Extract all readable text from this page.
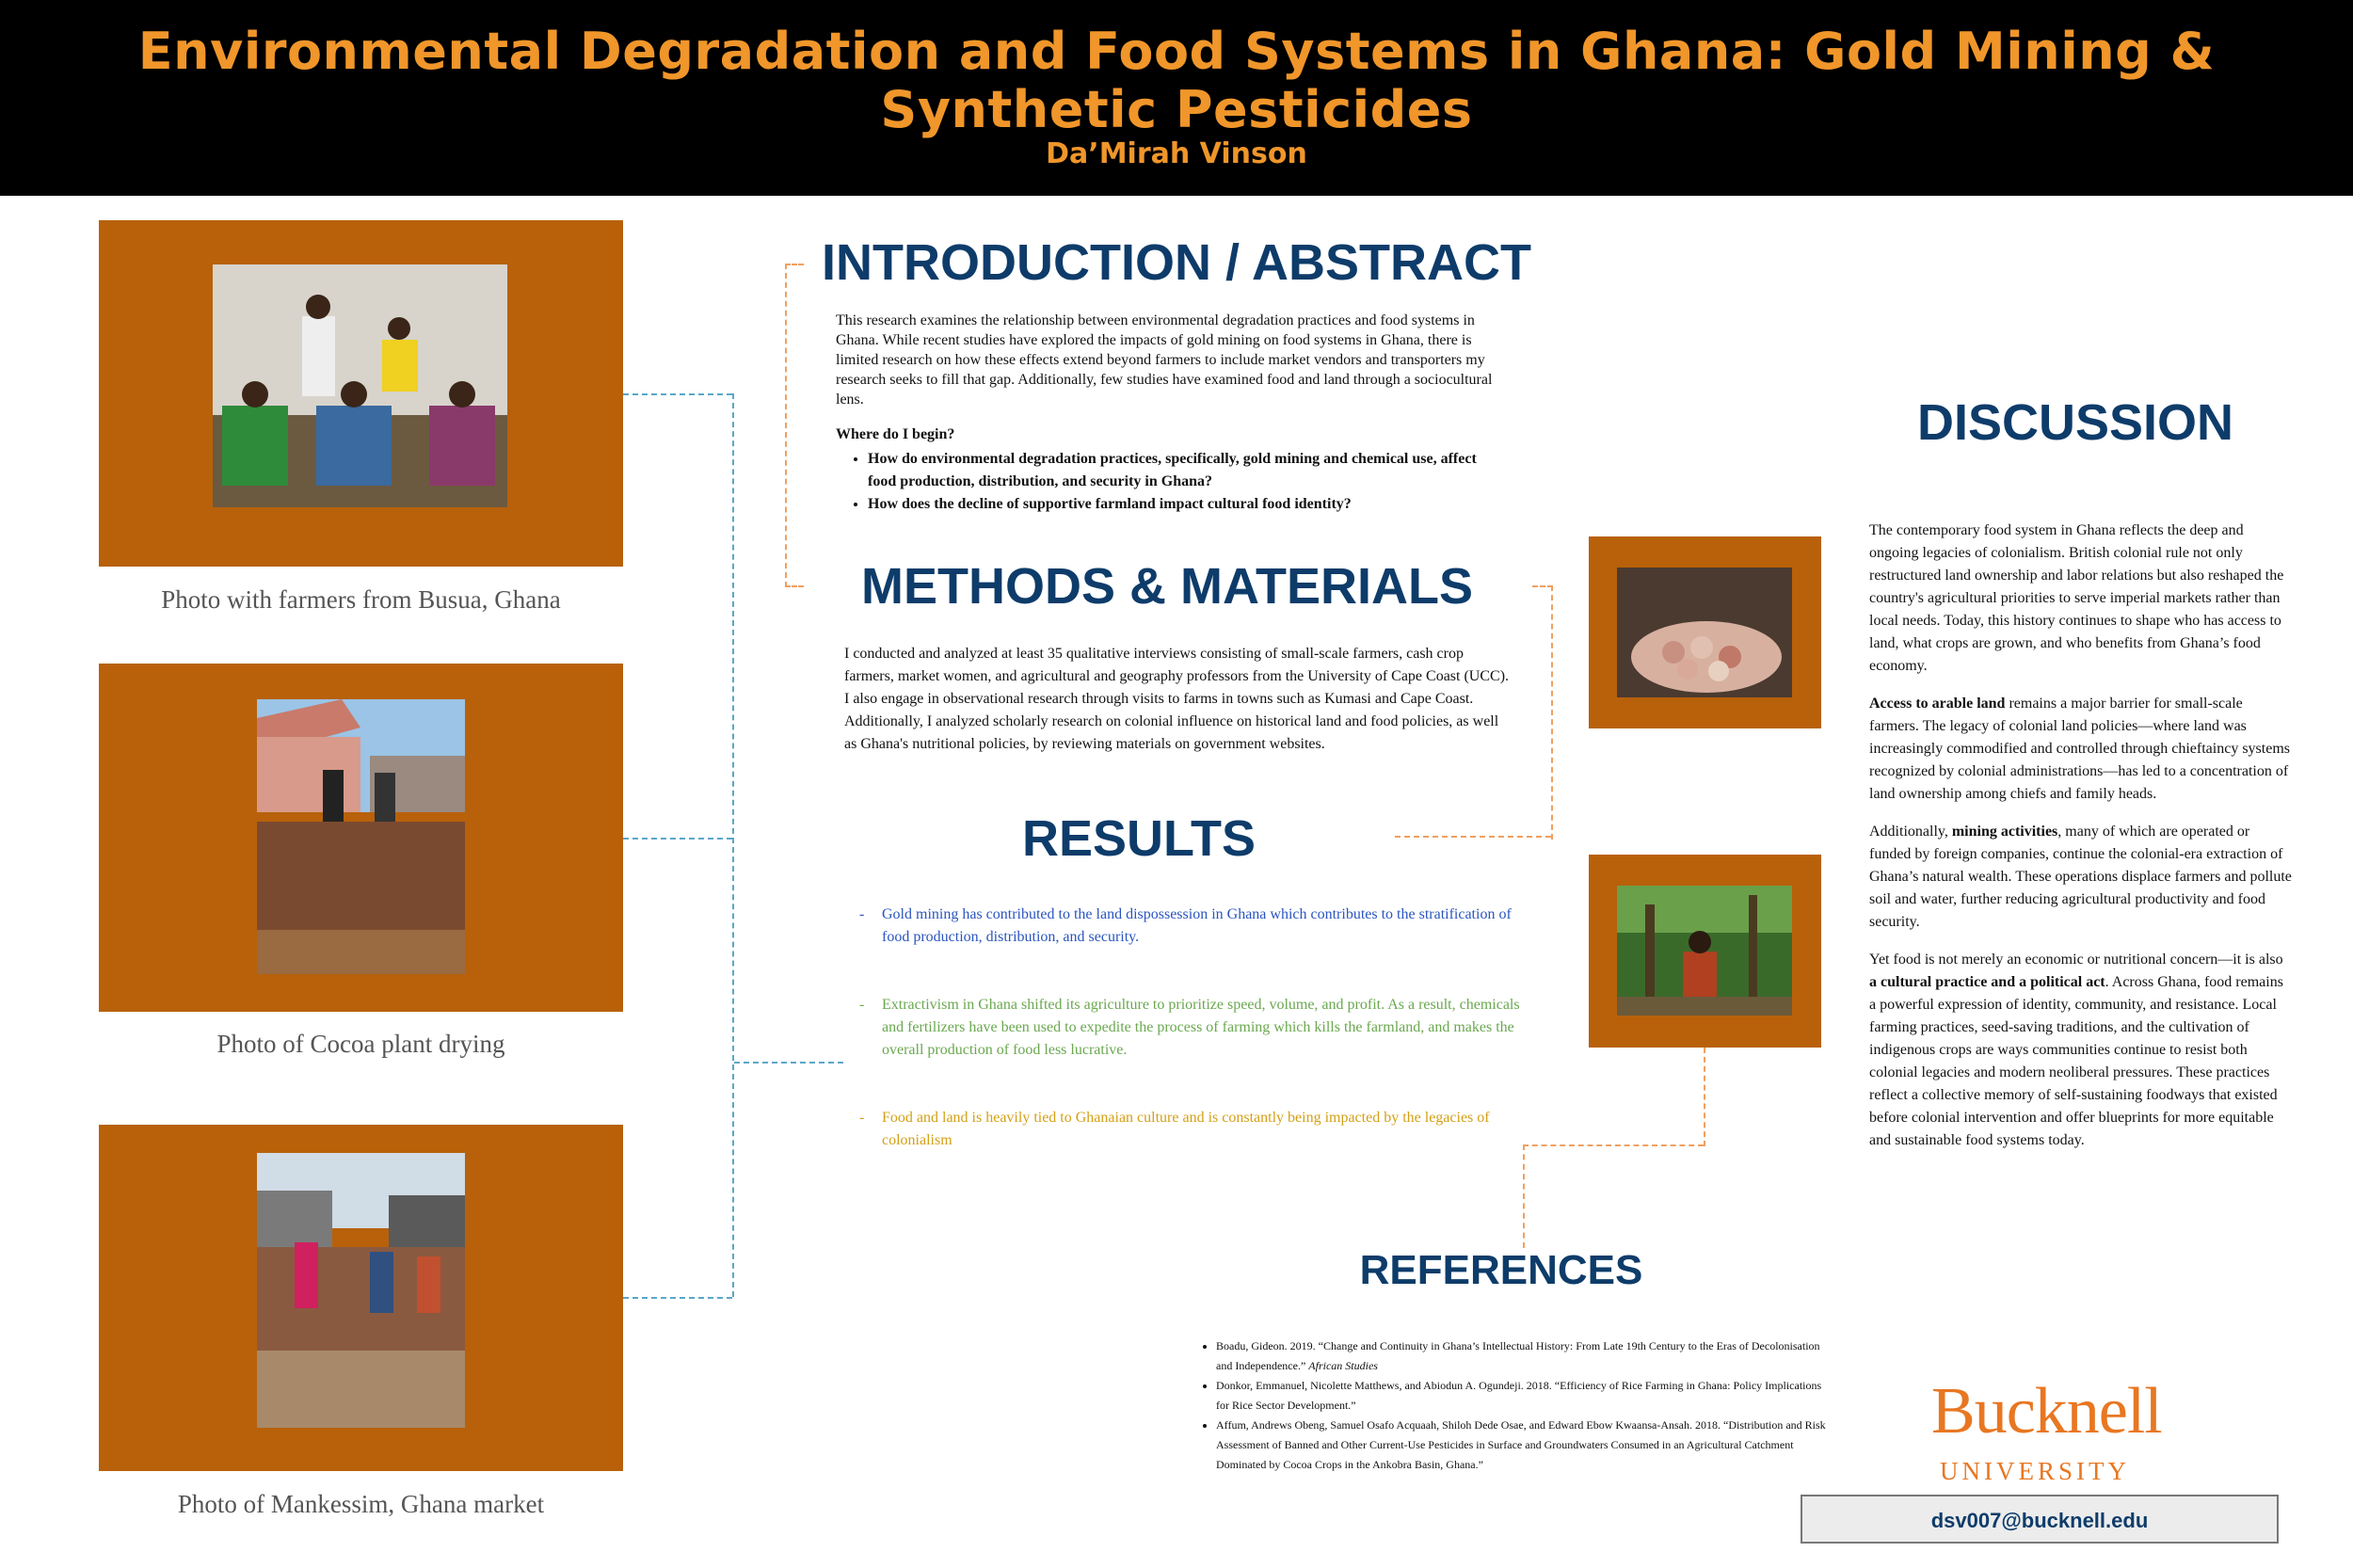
Environmental Degradation and Food Systems in Ghana: Gold Mining & Synthetic Pesticides
Da’Mirah Vinson
Photo with farmers from Busua, Ghana
Photo of Cocoa plant drying
Photo of Mankessim, Ghana market
INTRODUCTION / ABSTRACT

This research examines the relationship between environmental degradation practices and food systems in Ghana. While recent studies have explored the impacts of gold mining on food systems in Ghana, there is limited research on how these effects extend beyond farmers to include market vendors and transporters my research seeks to fill that gap. Additionally, few studies have examined food and land through a sociocultural lens.

Where do I begin?

• How do environmental degradation practices, specifically, gold mining and chemical use, affect food production, distribution, and security in Ghana?
• How does the decline of supportive farmland impact cultural food identity?
METHODS & MATERIALS
I conducted and analyzed at least 35 qualitative interviews consisting of small-scale farmers, cash crop farmers, market women, and agricultural and geography professors from the University of Cape Coast (UCC). I also engage in observational research through visits to farms in towns such as Kumasi and Cape Coast. Additionally, I analyzed scholarly research on colonial influence on historical land and food policies, as well as Ghana's nutritional policies, by reviewing materials on government websites.
RESULTS
-	Gold mining has contributed to the land dispossession in Ghana which contributes to the stratification of food production, distribution, and security.
-	Extractivism in Ghana shifted its agriculture to prioritize speed, volume, and profit. As a result, chemicals and fertilizers have been used to expedite the process of farming which kills the farmland, and makes the overall production of food less lucrative.
-	Food and land is heavily tied to Ghanaian culture and is constantly being impacted by the legacies of colonialism
DISCUSSION

The contemporary food system in Ghana reflects the deep and ongoing legacies of colonialism. British colonial rule not only restructured land ownership and labor relations but also reshaped the country's agricultural priorities to serve imperial markets rather than local needs. Today, this history continues to shape who has access to land, what crops are grown, and who benefits from Ghana’s food economy.

Access to arable land remains a major barrier for small-scale farmers. The legacy of colonial land policies—where land was increasingly commodified and controlled through chieftaincy systems recognized by colonial administrations—has led to a concentration of land ownership among chiefs and family heads.

Additionally, mining activities, many of which are operated or funded by foreign companies, continue the colonial-era extraction of Ghana’s natural wealth. These operations displace farmers and pollute soil and water, further reducing agricultural productivity and food security.

Yet food is not merely an economic or nutritional concern—it is also a cultural practice and a political act. Across Ghana, food remains a powerful expression of identity, community, and resistance. Local farming practices, seed-saving traditions, and the cultivation of indigenous crops are ways communities continue to resist both colonial legacies and modern neoliberal pressures. These practices reflect a collective memory of self-sustaining foodways that existed before colonial intervention and offer blueprints for more equitable and sustainable food systems today.

REFERENCES
• Boadu, Gideon. 2019. “Change and Continuity in Ghana’s Intellectual History: From Late 19th Century to the Eras of Decolonisation and Independence.” African Studies
• Donkor, Emmanuel, Nicolette Matthews, and Abiodun A. Ogundeji. 2018. “Efficiency of Rice Farming in Ghana: Policy Implications for Rice Sector Development.”
• Affum, Andrews Obeng, Samuel Osafo Acquaah, Shiloh Dede Osae, and Edward Ebow Kwaansa-Ansah. 2018. “Distribution and Risk Assessment of Banned and Other Current-Use Pesticides in Surface and Groundwaters Consumed in an Agricultural Catchment Dominated by Cocoa Crops in the Ankobra Basin, Ghana.”
Bucknell
UNIVERSITY
dsv007@bucknell.edu
